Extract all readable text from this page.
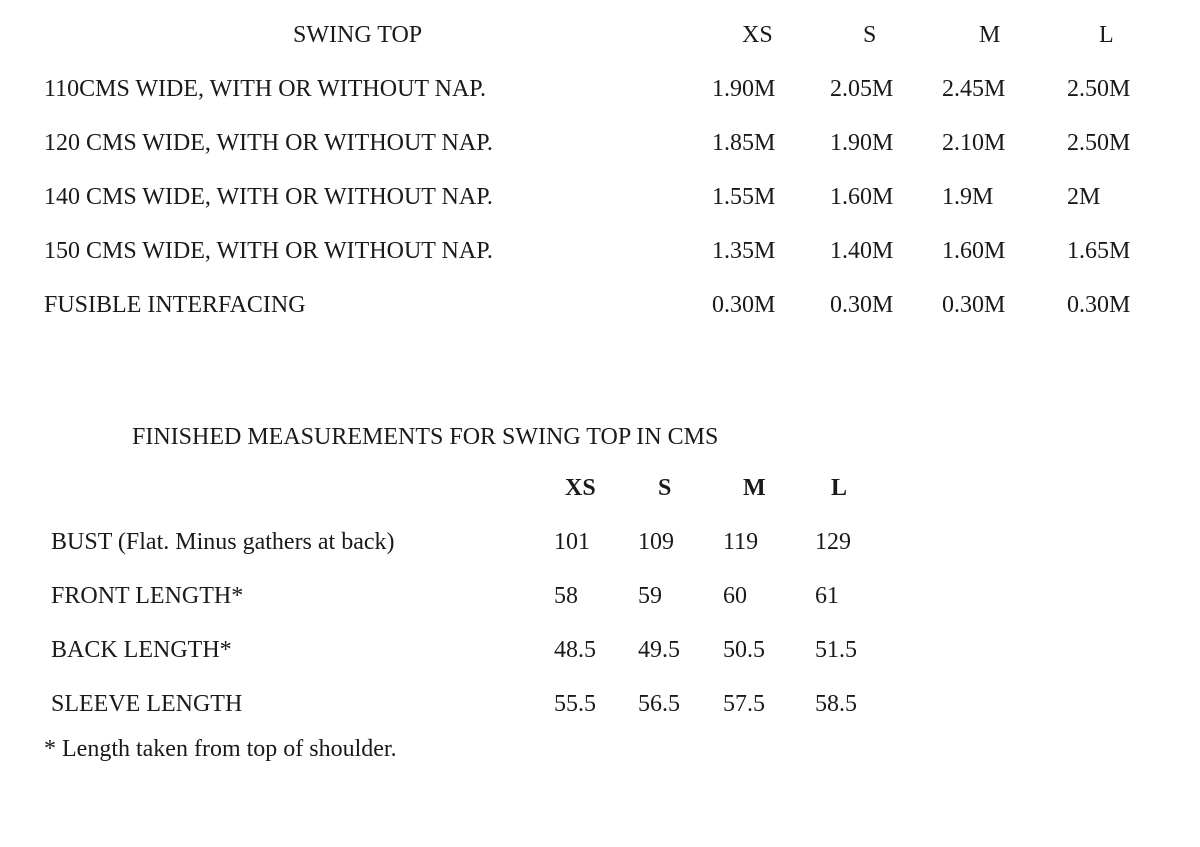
SWING TOP	XS	S	M	L
110CMS WIDE, WITH OR WITHOUT NAP.	1.90M 2.05M 2.45M	2.50M
120 CMS WIDE, WITH OR WITHOUT NAP.	1.85M 1.90M 2.10M	2.50M
140 CMS WIDE, WITH OR WITHOUT NAP.	1.55M 1.60M 1.9M	2M
150 CMS WIDE, WITH OR WITHOUT NAP.	1.35M 1.40M 1.60M	1.65M
FUSIBLE INTERFACING	0.30M 0.30M 0.30M	0.30M
FINISHED MEASUREMENTS FOR SWING TOP IN CMS
XS	S	M	L
BUST (Flat. Minus gathers at back)	101 109 119 129
FRONT LENGTH*	58	59	60	61
BACK LENGTH*	48.5 49.5 50.5 51.5
SLEEVE LENGTH	55.5 56.5 57.5 58.5
* Length taken from top of shoulder.
